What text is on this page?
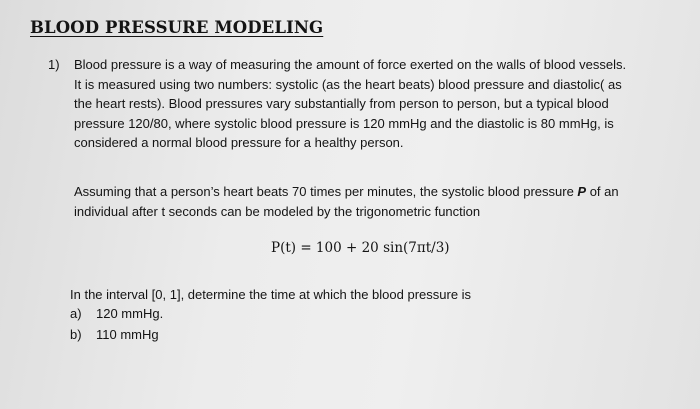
BLOOD PRESSURE MODELING

1) Blood pressure is a way of measuring the amount of force exerted on the walls of blood vessels.
It is measured using two numbers: systolic (as the heart beats) blood pressure and diastolic( as
the heart rests). Blood pressures vary substantially from person to person, but a typical blood
pressure 120/80, where systolic blood pressure is 120 mmHg and the diastolic is 80 mmHg, is
considered a normal blood pressure for a healthy person.

Assuming that a person’s heart beats 70 times per minutes, the systolic blood pressure P of an
individual after t seconds can be modeled by the trigonometric function

P(t) = 100 + 20 sin(7πt/3)

In the interval [0, 1], determine the time at which the blood pressure is

a) 120 mmHg.

b) 110 mmHg
